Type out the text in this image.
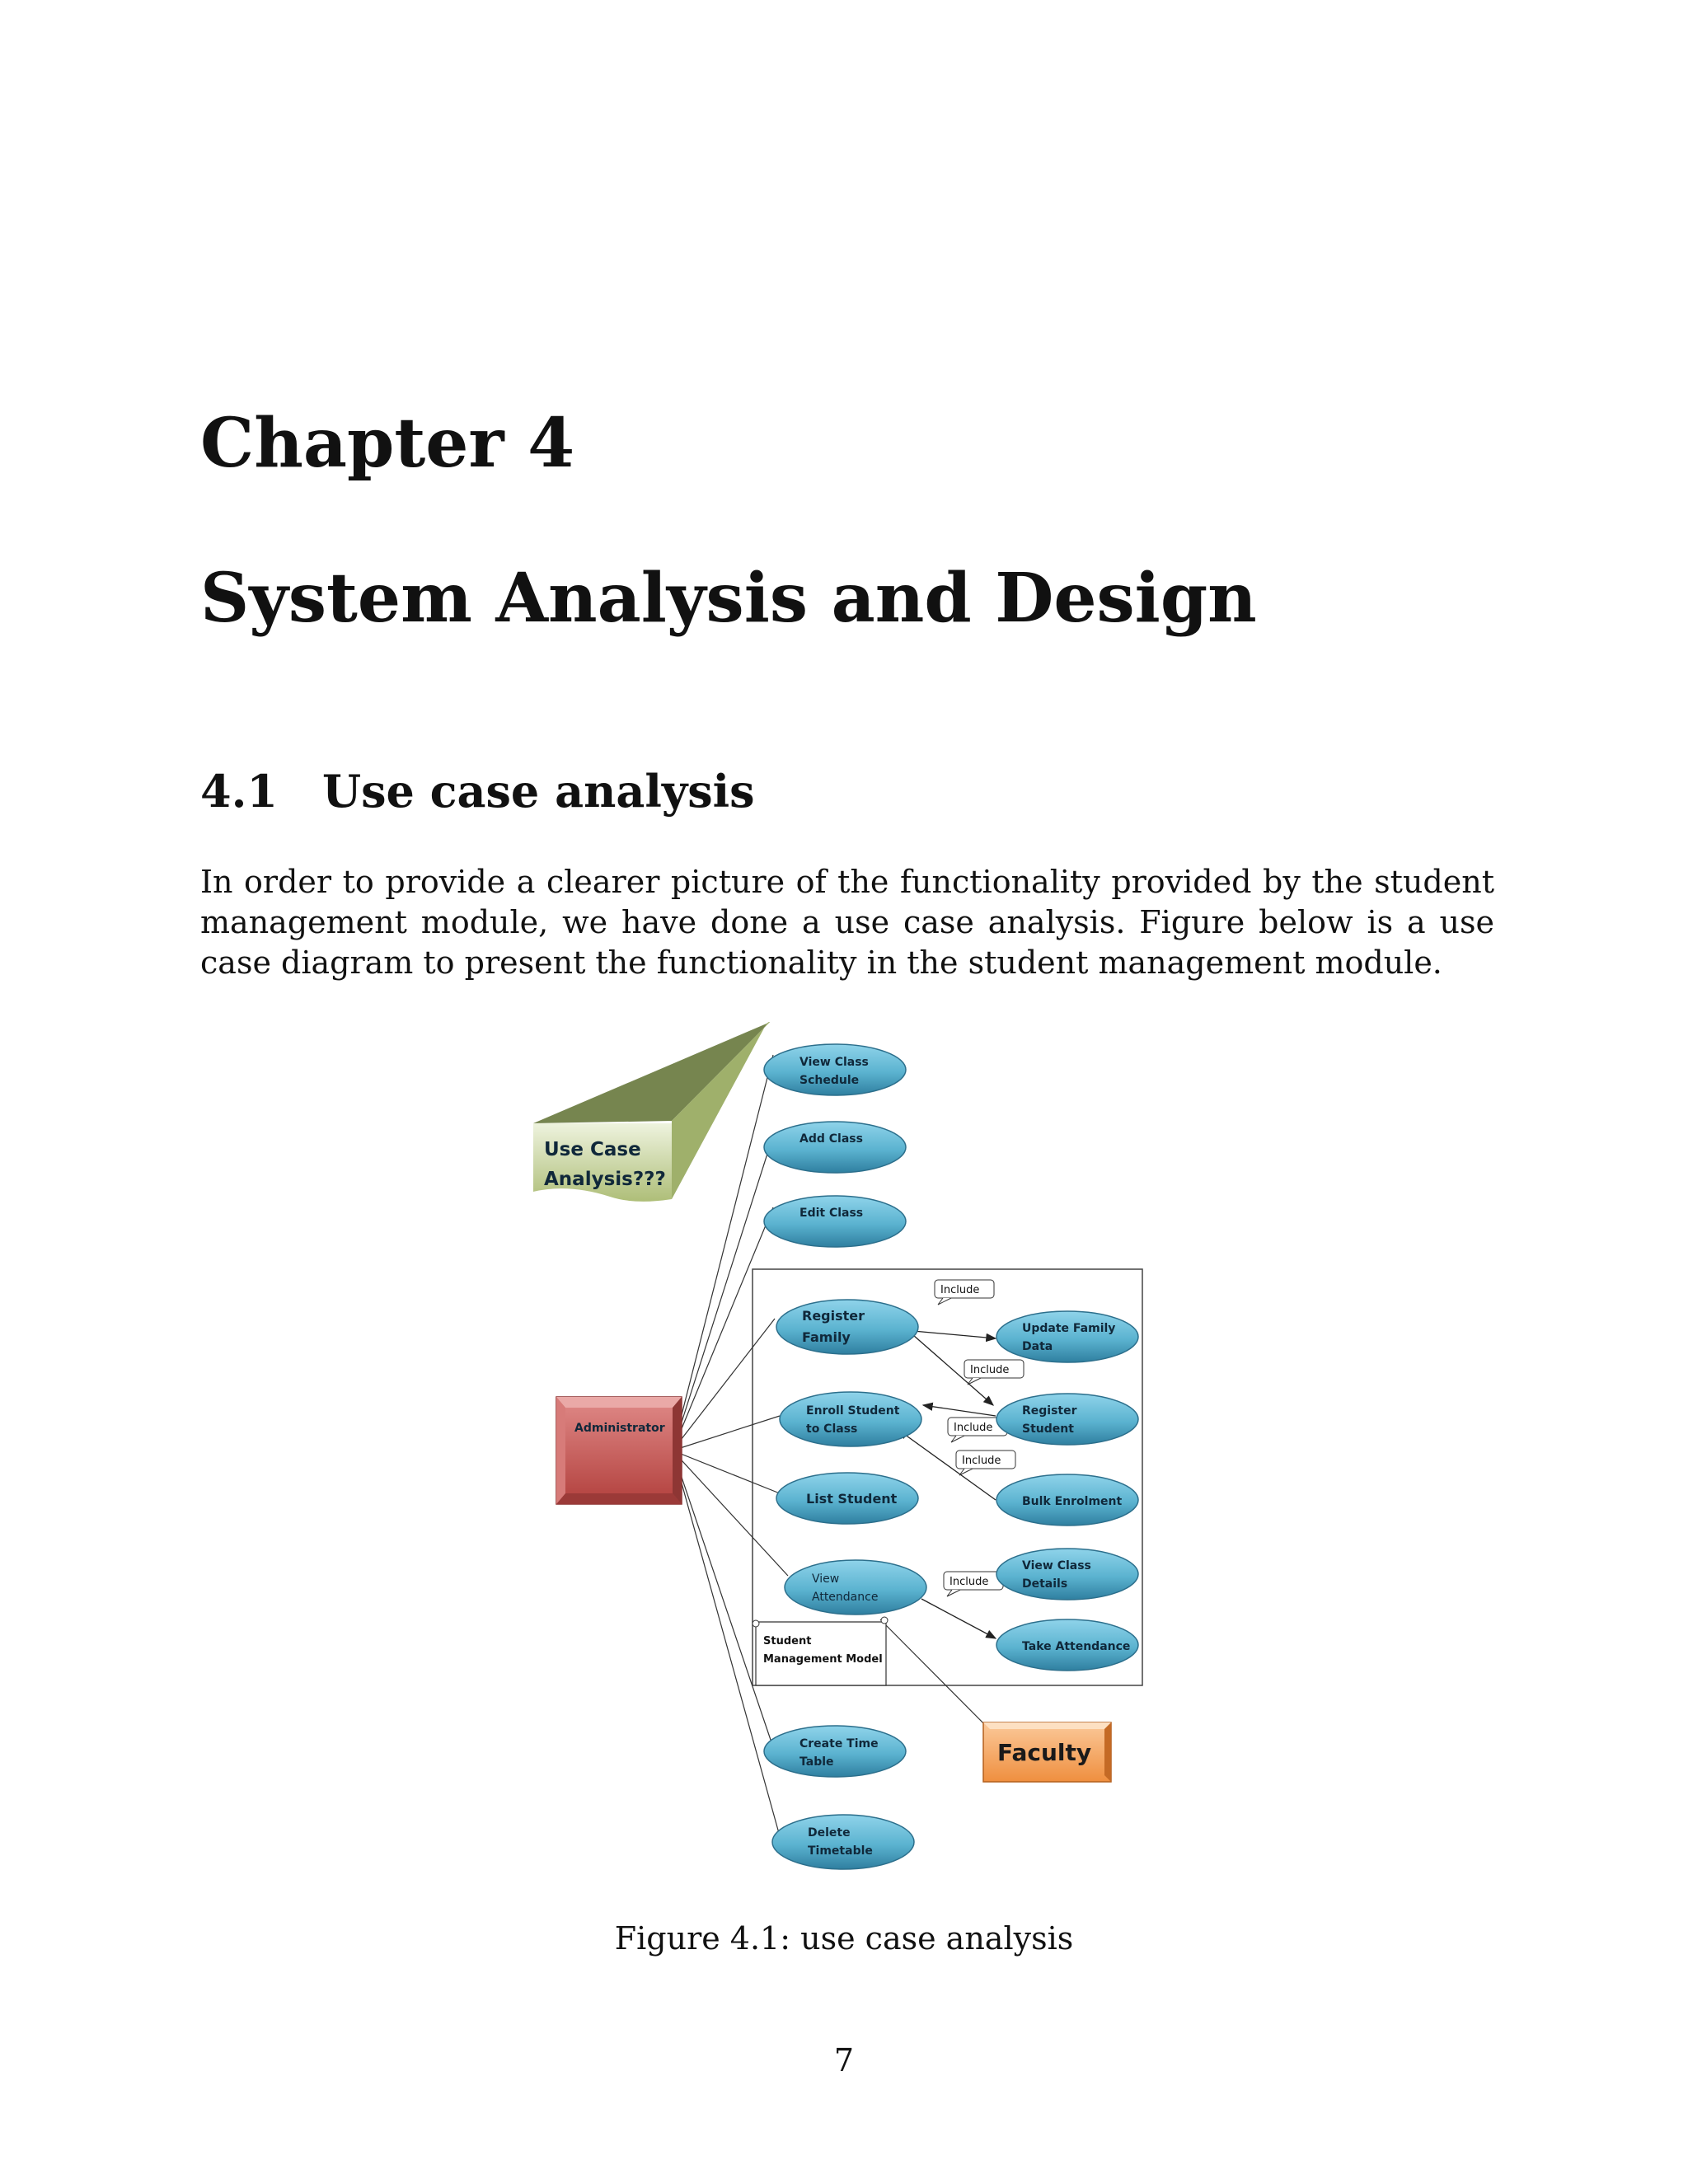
Chapter 4
System Analysis and Design
4.1 Use case analysis
In order to provide a clearer picture of the functionality provided by the student management module, we have done a use case analysis. Figure below is a use case diagram to present the functionality in the student management module.
Use Case
Analysis???
Include
Include
Include
Include
Include
View Class
Schedule
Add Class
Edit Class
Register
Family
Update Family
Data
Enroll Student
to Class
Register
Student
List Student	Bulk Enrolment
View Class
Details
View
Attendance
Take Attendance
Create Time
Table
Delete
Timetable
Student
Management Model
Administrator
Faculty
Figure 4.1: use case analysis
7
